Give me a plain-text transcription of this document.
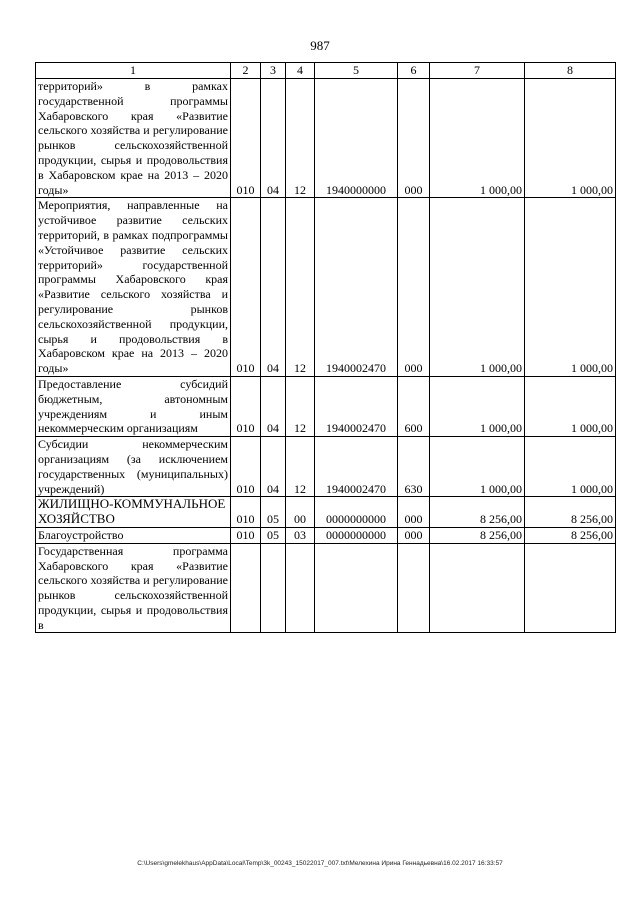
987
1	2	3	4	5	6	7	8
территорий» в рамках государственной программы Хабаровского края «Развитие сельского хозяйства и регулирование рынков сельскохозяйственной продукции, сырья и продовольствия в Хабаровском крае на 2013 – 2020 годы»	010	04	12	1940000000	000	1 000,00	1 000,00
Мероприятия, направленные на устойчивое развитие сельских территорий, в рамках подпрограммы «Устойчивое развитие сельских территорий» государственной программы Хабаровского края «Развитие сельского хозяйства и регулирование рынков сельскохозяйственной продукции, сырья и продовольствия в Хабаровском крае на 2013 – 2020 годы»	010	04	12	1940002470	000	1 000,00	1 000,00
Предоставление субсидий бюджетным, автономным учреждениям и иным некоммерческим организациям	010	04	12	1940002470	600	1 000,00	1 000,00
Субсидии некоммерческим организациям (за исключением государственных (муниципальных) учреждений)	010	04	12	1940002470	630	1 000,00	1 000,00
ЖИЛИЩНО-КОММУНАЛЬНОЕ ХОЗЯЙСТВО	010	05	00	0000000000	000	8 256,00	8 256,00
Благоустройство	010	05	03	0000000000	000	8 256,00	8 256,00
Государственная программа Хабаровского края «Развитие сельского хозяйства и регулирование рынков сельскохозяйственной продукции, сырья и продовольствия в							
C:\Users\gmelekhaus\AppData\Local\Temp\3k_00243_15022017_007.txt\Мелехина Ирина Геннадьевна\16.02.2017 16:33:57
